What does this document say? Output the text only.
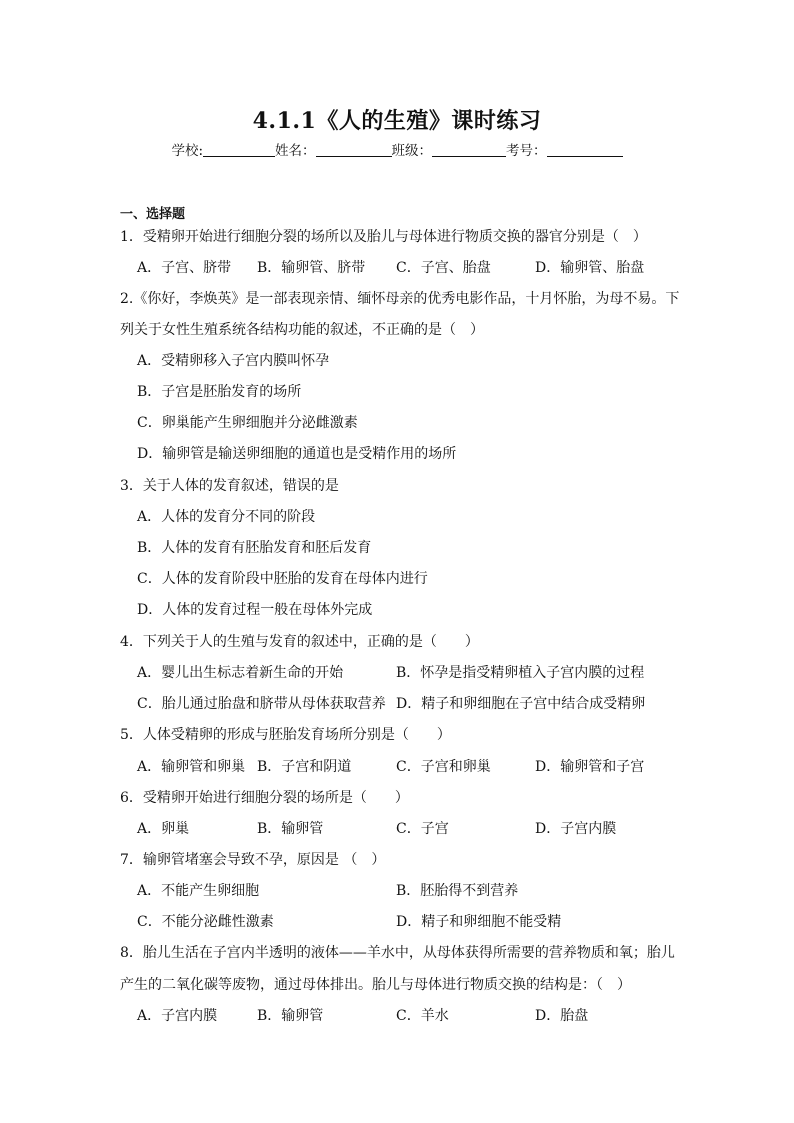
4.1.1《人的生殖》课时练习
学校:	姓名：	班级：	考号：
一、选择题
1．受精卵开始进行细胞分裂的场所以及胎儿与母体进行物质交换的器官分别是（　）
A．子宫、脐带 B．输卵管、脐带 C．子宫、胎盘	D．输卵管、胎盘
2.《你好，李焕英》是一部表现亲情、缅怀母亲的优秀电影作品，十月怀胎，为母不易。下
列关于女性生殖系统各结构功能的叙述，不正确的是（　）
A．受精卵移入子宫内膜叫怀孕
B．子宫是胚胎发育的场所
C．卵巢能产生卵细胞并分泌雌激素
D．输卵管是输送卵细胞的通道也是受精作用的场所
3．关于人体的发育叙述，错误的是
A．人体的发育分不同的阶段
B．人体的发育有胚胎发育和胚后发育
C．人体的发育阶段中胚胎的发育在母体内进行
D．人体的发育过程一般在母体外完成
4．下列关于人的生殖与发育的叙述中，正确的是（　　）
A．婴儿出生标志着新生命的开始	B．怀孕是指受精卵植入子宫内膜的过程
C．胎儿通过胎盘和脐带从母体获取营养 D．精子和卵细胞在子宫中结合成受精卵
5．人体受精卵的形成与胚胎发育场所分别是（　　）
A．输卵管和卵巢 B．子宫和阴道	C．子宫和卵巢	D．输卵管和子宫
6．受精卵开始进行细胞分裂的场所是（　　）
A．卵巢	B．输卵管	C．子宫	D．子宫内膜
7．输卵管堵塞会导致不孕，原因是 （　）
A．不能产生卵细胞	B．胚胎得不到营养
C．不能分泌雌性激素	D．精子和卵细胞不能受精
8．胎儿生活在子宫内半透明的液体——羊水中，从母体获得所需要的营养物质和氧；胎儿
产生的二氧化碳等废物，通过母体排出。胎儿与母体进行物质交换的结构是：（　）
A．子宫内膜	B．输卵管	C．羊水	D．胎盘
